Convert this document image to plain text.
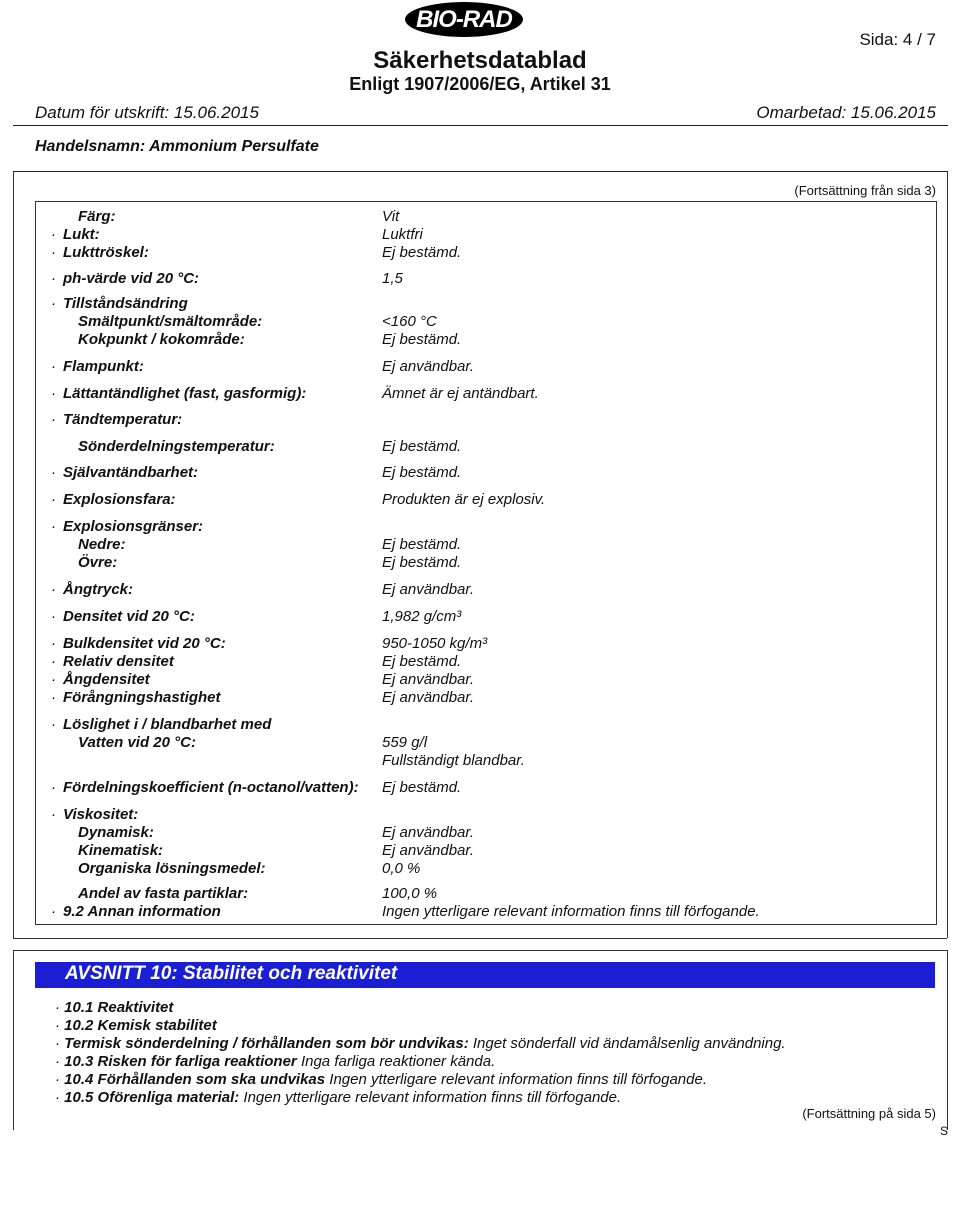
BIO-RAD
Sida: 4 / 7
Säkerhetsdatablad
Enligt 1907/2006/EG, Artikel 31
Datum för utskrift: 15.06.2015	Omarbetad: 15.06.2015
Handelsnamn: Ammonium Persulfate
(Fortsättning från sida 3)
Färg:	Vit
· Lukt:	Luktfri
· Lukttröskel:	Ej bestämd.
· ph-värde vid 20 °C:	1,5
· Tillståndsändring
Smältpunkt/smältområde:	<160 °C
Kokpunkt / kokområde:	Ej bestämd.
· Flampunkt:	Ej användbar.
· Lättantändlighet (fast, gasformig):	Ämnet är ej antändbart.
· Tändtemperatur:
Sönderdelningstemperatur:	Ej bestämd.
· Självantändbarhet:	Ej bestämd.
· Explosionsfara:	Produkten är ej explosiv.
· Explosionsgränser:
Nedre:	Ej bestämd.
Övre:	Ej bestämd.
· Ångtryck:	Ej användbar.
· Densitet vid 20 °C:	1,982 g/cm³
· Bulkdensitet vid 20 °C:	950-1050 kg/m³
· Relativ densitet	Ej bestämd.
· Ångdensitet	Ej användbar.
· Förångningshastighet	Ej användbar.
· Löslighet i / blandbarhet med
Vatten vid 20 °C:	559 g/l
Fullständigt blandbar.
· Fördelningskoefficient (n-octanol/vatten): Ej bestämd.
· Viskositet:
Dynamisk:	Ej användbar.
Kinematisk:	Ej användbar.
Organiska lösningsmedel:	0,0 %
Andel av fasta partiklar:	100,0 %
· 9.2 Annan information	Ingen ytterligare relevant information finns till förfogande.
AVSNITT 10: Stabilitet och reaktivitet
· 10.1 Reaktivitet
· 10.2 Kemisk stabilitet
· Termisk sönderdelning / förhållanden som bör undvikas: Inget sönderfall vid ändamålsenlig användning.
· 10.3 Risken för farliga reaktioner Inga farliga reaktioner kända.
· 10.4 Förhållanden som ska undvikas Ingen ytterligare relevant information finns till förfogande.
· 10.5 Oförenliga material: Ingen ytterligare relevant information finns till förfogande.
(Fortsättning på sida 5)
S
